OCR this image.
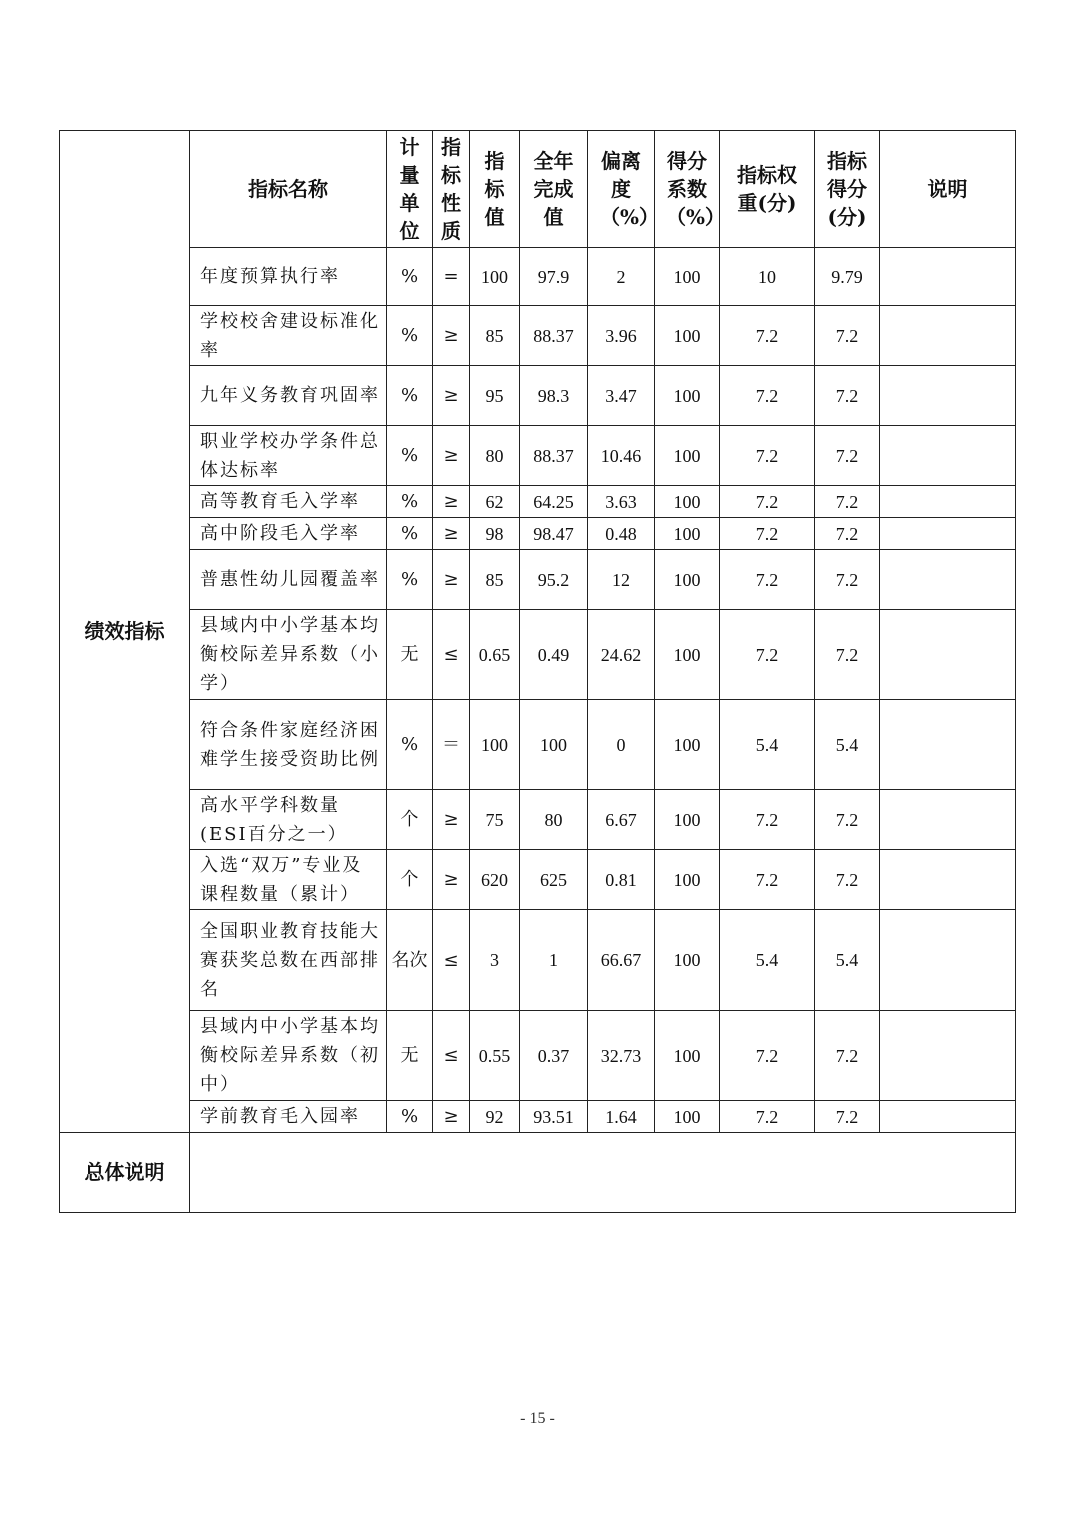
绩效指标	指标名称	计量单位	指标性质	指标值	全年完成值	偏离度（%）	得分系数（%）	指标权重(分)	指标得分(分)	说明
	年度预算执行率	%	=	100	97.9	2	100	10	9.79	
	学校校舍建设标准化率	%	≥	85	88.37	3.96	100	7.2	7.2	
	九年义务教育巩固率	%	≥	95	98.3	3.47	100	7.2	7.2	
	职业学校办学条件总体达标率	%	≥	80	88.37	10.46	100	7.2	7.2	
	高等教育毛入学率	%	≥	62	64.25	3.63	100	7.2	7.2	
	高中阶段毛入学率	%	≥	98	98.47	0.48	100	7.2	7.2	
	普惠性幼儿园覆盖率	%	≥	85	95.2	12	100	7.2	7.2	
	县域内中小学基本均衡校际差异系数（小学）	无	≤	0.65	0.49	24.62	100	7.2	7.2	
	符合条件家庭经济困难学生接受资助比例	%	＝	100	100	0	100	5.4	5.4	
	高水平学科数量(ESI百分之一）	个	≥	75	80	6.67	100	7.2	7.2	
	入选“双万”专业及课程数量（累计）	个	≥	620	625	0.81	100	7.2	7.2	
	全国职业教育技能大赛获奖总数在西部排名	名次	≤	3	1	66.67	100	5.4	5.4	
	县域内中小学基本均衡校际差异系数（初中）	无	≤	0.55	0.37	32.73	100	7.2	7.2	
	学前教育毛入园率	%	≥	92	93.51	1.64	100	7.2	7.2	
总体说明										
- 15 -
